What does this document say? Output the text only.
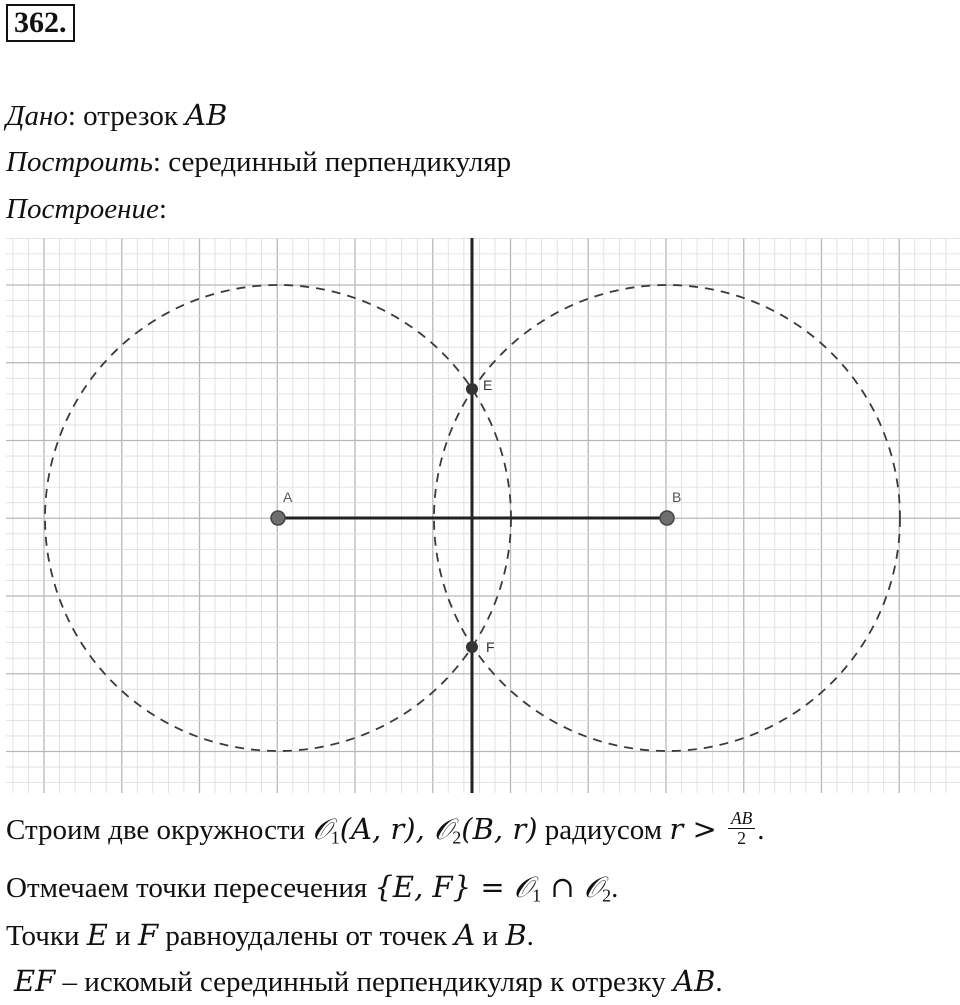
362.
Дано: отрезок AB
Построить: серединный перпендикуляр
Построение:
A	B
E
F
Строим две окружности 𝒪$_1$(A, r), 𝒪$_2$(B, r) радиусом $r > \frac{AB}{2}$ .
Отмечаем точки пересечения {E, F} = 𝒪$_1$ ∩ 𝒪$_2$.
Точки E и F равноудалены от точек A и B.
EF – искомый серединный перпендикуляр к отрезку AB.
